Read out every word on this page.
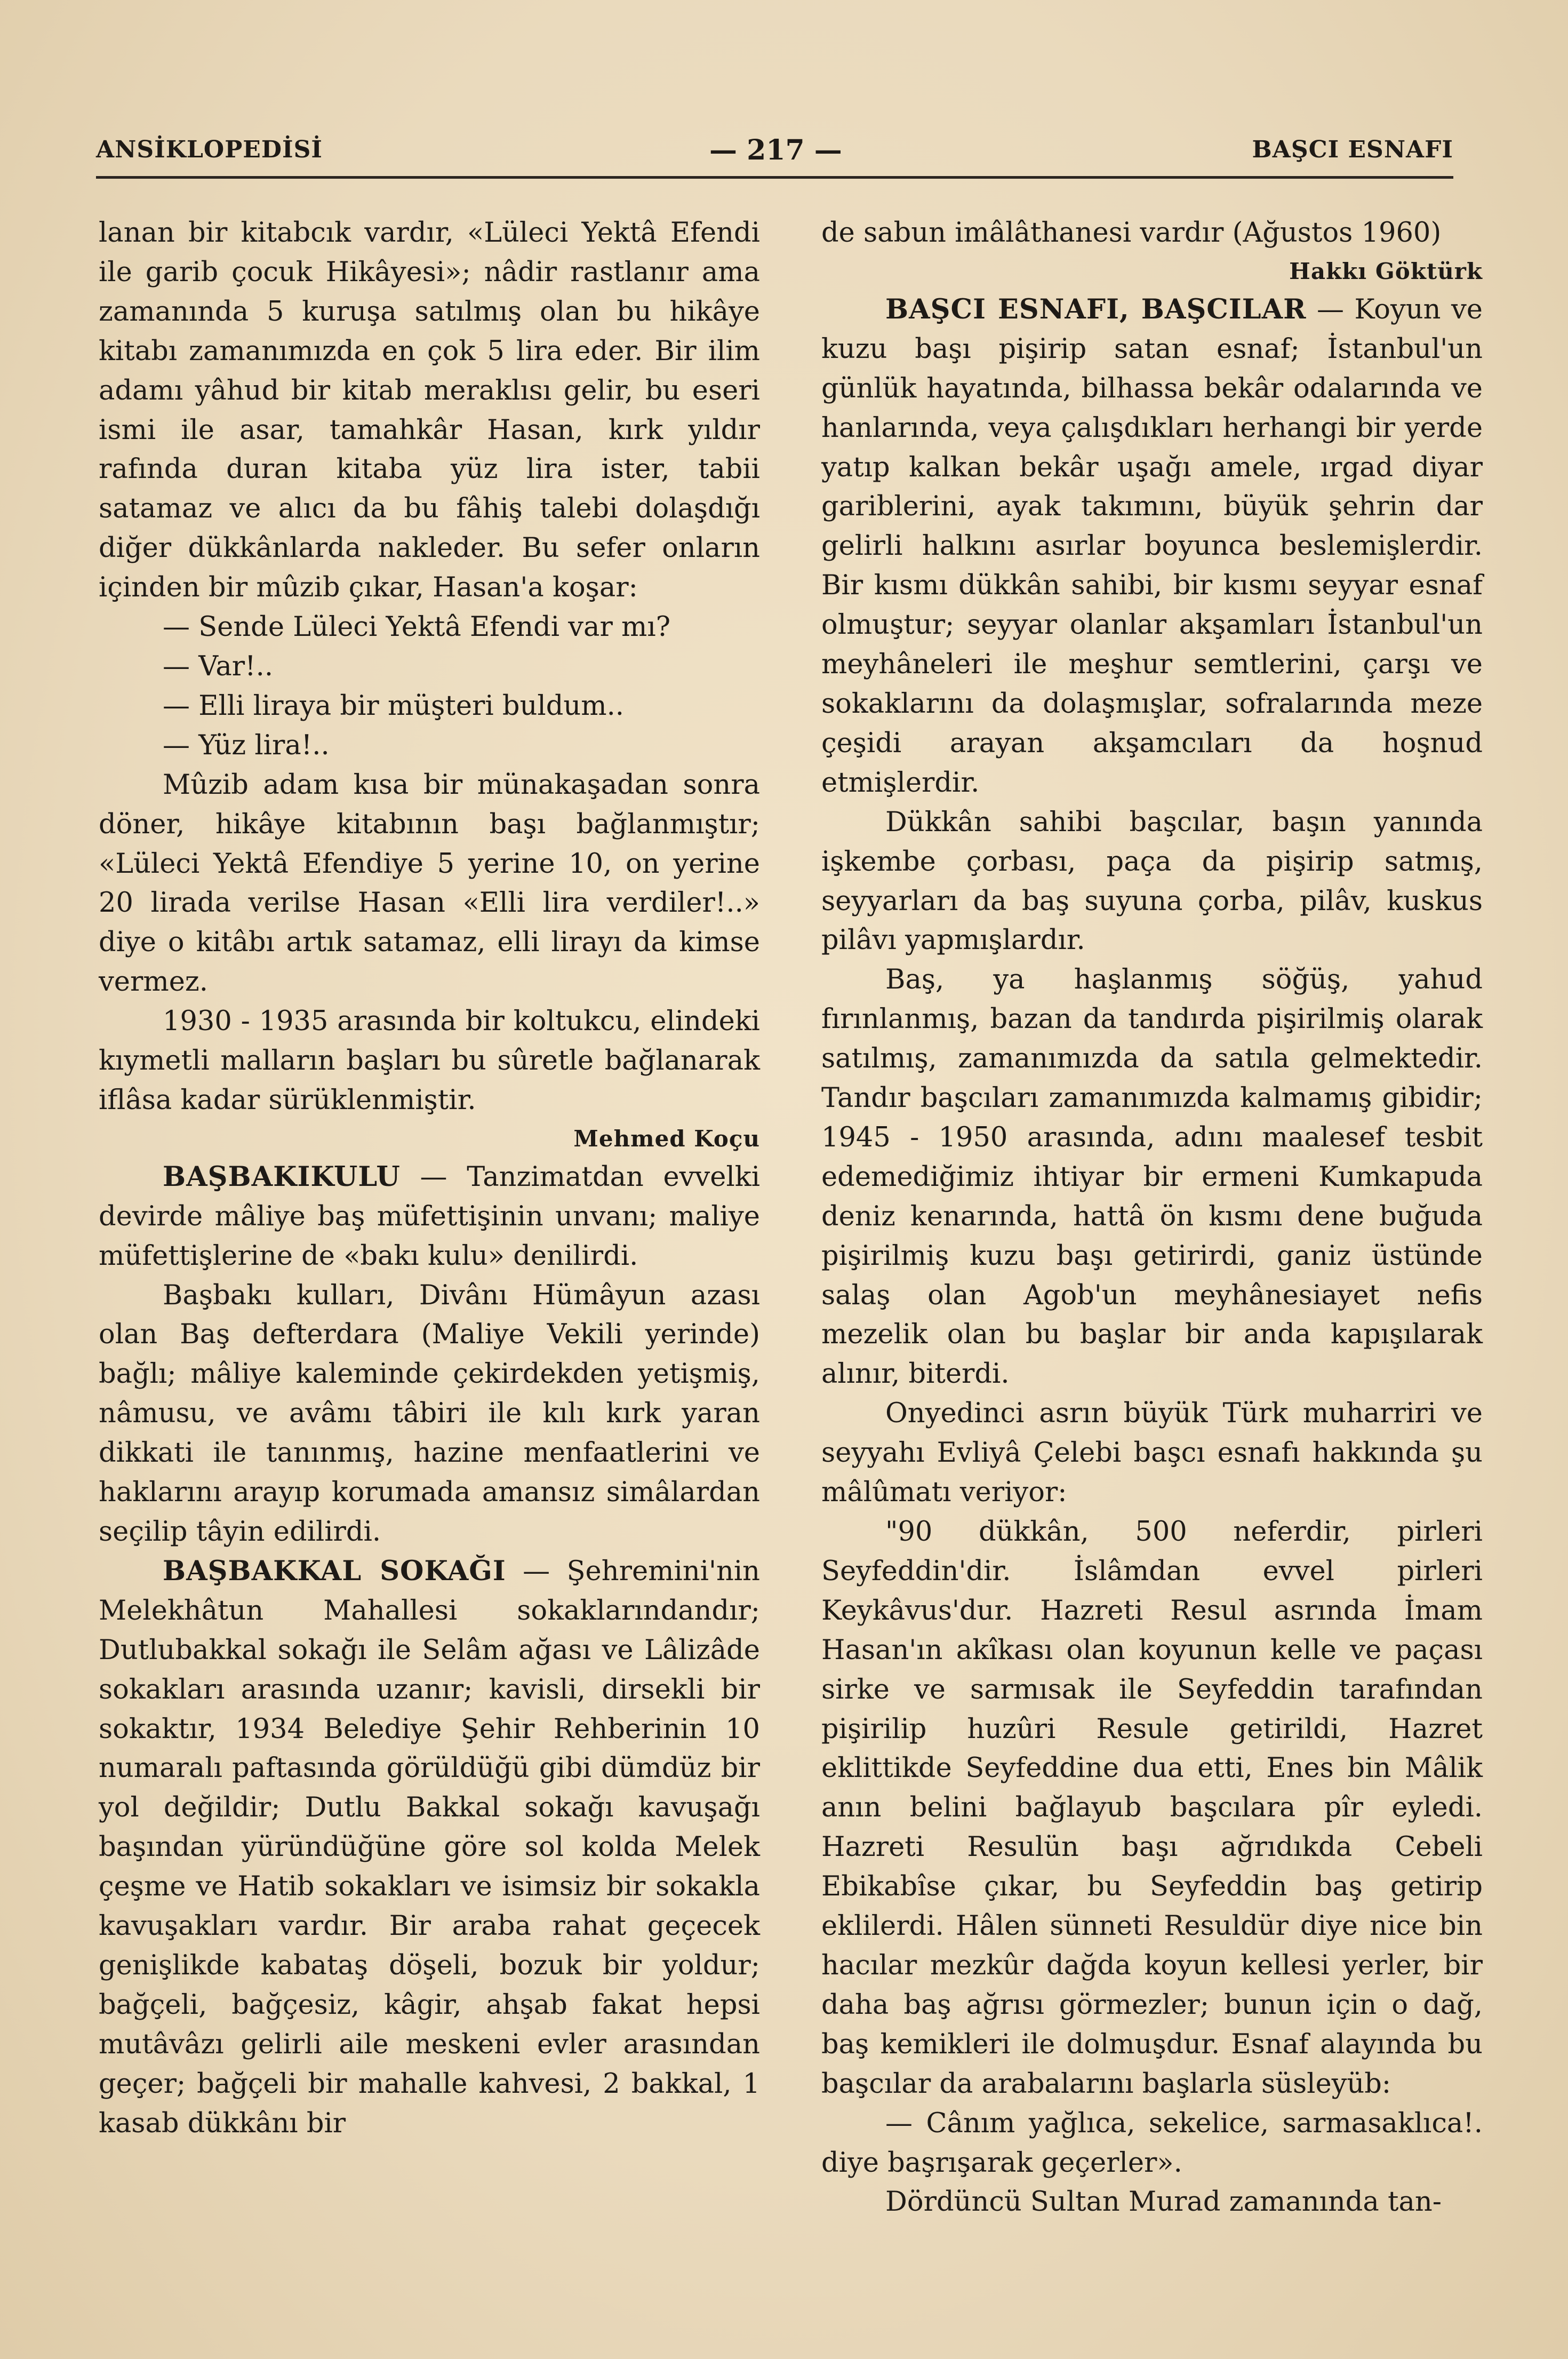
ANSİKLOPEDİSİ	— 217 —	BAŞCI ESNAFI

lanan bir kitabcık vardır, «Lüleci Yektâ Efendi ile garib çocuk Hikâyesi»; nâdir rastlanır ama zamanında 5 kuruşa satılmış olan bu hikâye kitabı zamanımızda en çok 5 lira eder. Bir ilim adamı yâhud bir kitab meraklısı gelir, bu eseri ismi ile asar, tamahkâr Hasan, kırk yıldır rafında duran kitaba yüz lira ister, tabii satamaz ve alıcı da bu fâhiş talebi dolaşdığı diğer dükkânlarda nakleder. Bu sefer onların içinden bir mûzib çıkar, Hasan'a koşar:

— Sende Lüleci Yektâ Efendi var mı?

— Var!..

— Elli liraya bir müşteri buldum..

— Yüz lira!..

Mûzib adam kısa bir münakaşadan sonra döner, hikâye kitabının başı bağlanmıştır; «Lüleci Yektâ Efendiye 5 yerine 10, on yerine 20 lirada verilse Hasan «Elli lira verdiler!..» diye o kitâbı artık satamaz, elli lirayı da kimse vermez.

1930 - 1935 arasında bir koltukcu, elindeki kıymetli malların başları bu sûretle bağlanarak iflâsa kadar sürüklenmiştir.

Mehmed Koçu

BAŞBAKIKULU — Tanzimatdan evvelki devirde mâliye baş müfettişinin unvanı; maliye müfettişlerine de «bakı kulu» denilirdi.

Başbakı kulları, Divânı Hümâyun azası olan Baş defterdara (Maliye Vekili yerinde) bağlı; mâliye kaleminde çekirdekden yetişmiş, nâmusu, ve avâmı tâbiri ile kılı kırk yaran dikkati ile tanınmış, hazine menfaatlerini ve haklarını arayıp korumada amansız simâlardan seçilip tâyin edilirdi.

BAŞBAKKAL SOKAĞI — Şehremini'nin Melekhâtun Mahallesi sokaklarındandır; Dutlubakkal sokağı ile Selâm ağası ve Lâlizâde sokakları arasında uzanır; kavisli, dirsekli bir sokaktır, 1934 Belediye Şehir Rehberinin 10 numaralı paftasında görüldüğü gibi dümdüz bir yol değildir; Dutlu Bakkal sokağı kavuşağı başından yüründüğüne göre sol kolda Melek çeşme ve Hatib sokakları ve isimsiz bir sokakla kavuşakları vardır. Bir araba rahat geçecek genişlikde kabataş döşeli, bozuk bir yoldur; bağçeli, bağçesiz, kâgir, ahşab fakat hepsi mutâvâzı gelirli aile meskeni evler arasından geçer; bağçeli bir mahalle kahvesi, 2 bakkal, 1 kasab dükkânı bir

de sabun imâlâthanesi vardır (Ağustos 1960)

Hakkı Göktürk

BAŞCI ESNAFI, BAŞCILAR — Koyun ve kuzu başı pişirip satan esnaf; İstanbul'un günlük hayatında, bilhassa bekâr odalarında ve hanlarında, veya çalışdıkları herhangi bir yerde yatıp kalkan bekâr uşağı amele, ırgad diyar gariblerini, ayak takımını, büyük şehrin dar gelirli halkını asırlar boyunca beslemişlerdir. Bir kısmı dükkân sahibi, bir kısmı seyyar esnaf olmuştur; seyyar olanlar akşamları İstanbul'un meyhâneleri ile meşhur semtlerini, çarşı ve sokaklarını da dolaşmışlar, sofralarında meze çeşidi arayan akşamcıları da hoşnud etmişlerdir.

Dükkân sahibi başcılar, başın yanında işkembe çorbası, paça da pişirip satmış, seyyarları da baş suyuna çorba, pilâv, kuskus pilâvı yapmışlardır.

Baş, ya haşlanmış söğüş, yahud fırınlanmış, bazan da tandırda pişirilmiş olarak satılmış, zamanımızda da satıla gelmektedir. Tandır başcıları zamanımızda kalmamış gibidir; 1945 - 1950 arasında, adını maalesef tesbit edemediğimiz ihtiyar bir ermeni Kumkapuda deniz kenarında, hattâ ön kısmı dene buğuda pişirilmiş kuzu başı getirirdi, ganiz üstünde salaş olan Agob'un meyhânesiayet nefis mezelik olan bu başlar bir anda kapışılarak alınır, biterdi.

Onyedinci asrın büyük Türk muharriri ve seyyahı Evliyâ Çelebi başcı esnafı hakkında şu mâlûmatı veriyor:

"90 dükkân, 500 neferdir, pirleri Seyfeddin'dir. İslâmdan evvel pirleri Keykâvus'dur. Hazreti Resul asrında İmam Hasan'ın akîkası olan koyunun kelle ve paçası sirke ve sarmısak ile Seyfeddin tarafından pişirilip huzûri Resule getirildi, Hazret eklittikde Seyfeddine dua etti, Enes bin Mâlik anın belini bağlayub başcılara pîr eyledi. Hazreti Resulün başı ağrıdıkda Cebeli Ebikabîse çıkar, bu Seyfeddin baş getirip eklilerdi. Hâlen sünneti Resuldür diye nice bin hacılar mezkûr dağda koyun kellesi yerler, bir daha baş ağrısı görmezler; bunun için o dağ, baş kemikleri ile dolmuşdur. Esnaf alayında bu başcılar da arabalarını başlarla süsleyüb:

— Cânım yağlıca, sekelice, sarmasaklıca!. diye başrışarak geçerler».

Dördüncü Sultan Murad zamanında tan-
